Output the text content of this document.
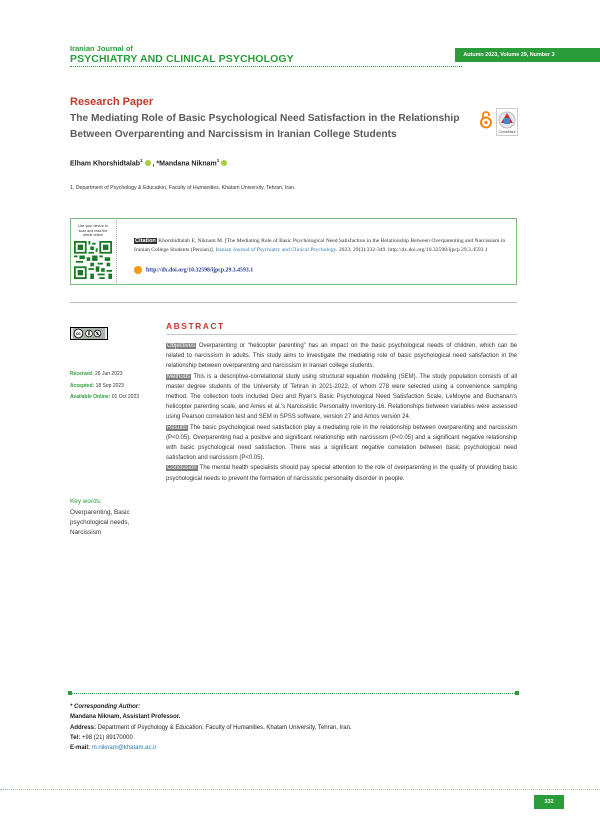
Iranian Journal of
PSYCHIATRY AND CLINICAL PSYCHOLOGY	Autumn 2023, Volume 29, Number 3
Research Paper
The Mediating Role of Basic Psychological Need Satisfaction in the Relationship Between Overparenting and Narcissism in Iranian College Students	CrossMark
Elham Khorshidtalab$^1$ , *Mandana Niknam$^1$
1. Department of Psychology & Education, Faculty of Humanities, Khatam University, Tehran, Iran.
Use your device to scan and read the article online
Citation Khorshidtalab E, Niknam M. [The Mediating Role of Basic Psychological Need Satisfaction in the Relationship Between Overparenting and Narcissism in Iranian College Students (Persian)]. Iranian Journal of Psychiatry and Clinical Psychology. 2023; 29(3):332-349. http://dx.doi.org/10.32598/ijpcp.29.3.4593.1
http://dx.doi.org/10.32598/ijpcp.29.3.4593.1
cc
Received: 26 Jun 2023
Accepted: 18 Sep 2023
Available Online: 01 Oct 2023
Key words:
Overparenting, Basic psychological needs, Narcissism
ABSTRACT

Objectives Overparenting or “helicopter parenting” has an impact on the basic psychological needs of children, which can be related to narcissism in adults. This study aims to investigate the mediating role of basic psychological need satisfaction in the relationship between overparenting and narcissism in Iranian college students.

Methods This is a descriptive-correlational study using structural equation modeling (SEM). The study population consists of all master degree students of the University of Tehran in 2021-2022, of whom 278 were selected using a convenience sampling method. The collection tools included Deci and Ryan's Basic Psychological Need Satisfaction Scale, LeMoyne and Buchanan's helicopter parenting scale, and Ames et al.'s Narcissistic Personality Inventory-16. Relationships between variables were assessed using Pearson correlation test and SEM in SPSS software, version 27 and Amos version 24.

Results The basic psychological need satisfaction play a mediating role in the relationship between overparenting and narcissism (P<0.05). Overparenting had a positive and significant relationship with narcissism (P<0.05) and a significant negative relationship with basic psychological need satisfaction. There was a significant negative correlation between basic psychological need satisfaction and narcissism (P<0.05).

Conclusion The mental health specialists should pay special attention to the role of overparenting in the quality of providing basic psychological needs to prevent the formation of narcissistic personality disorder in people.

* Corresponding Author:
Mandana Niknam, Assistant Professor.
Address: Department of Psychology & Education, Faculty of Humanities, Khatam University, Tehran, Iran.
Tel: +98 (21) 89170000
E-mail: m.niknam@khatam.ac.ir
332
